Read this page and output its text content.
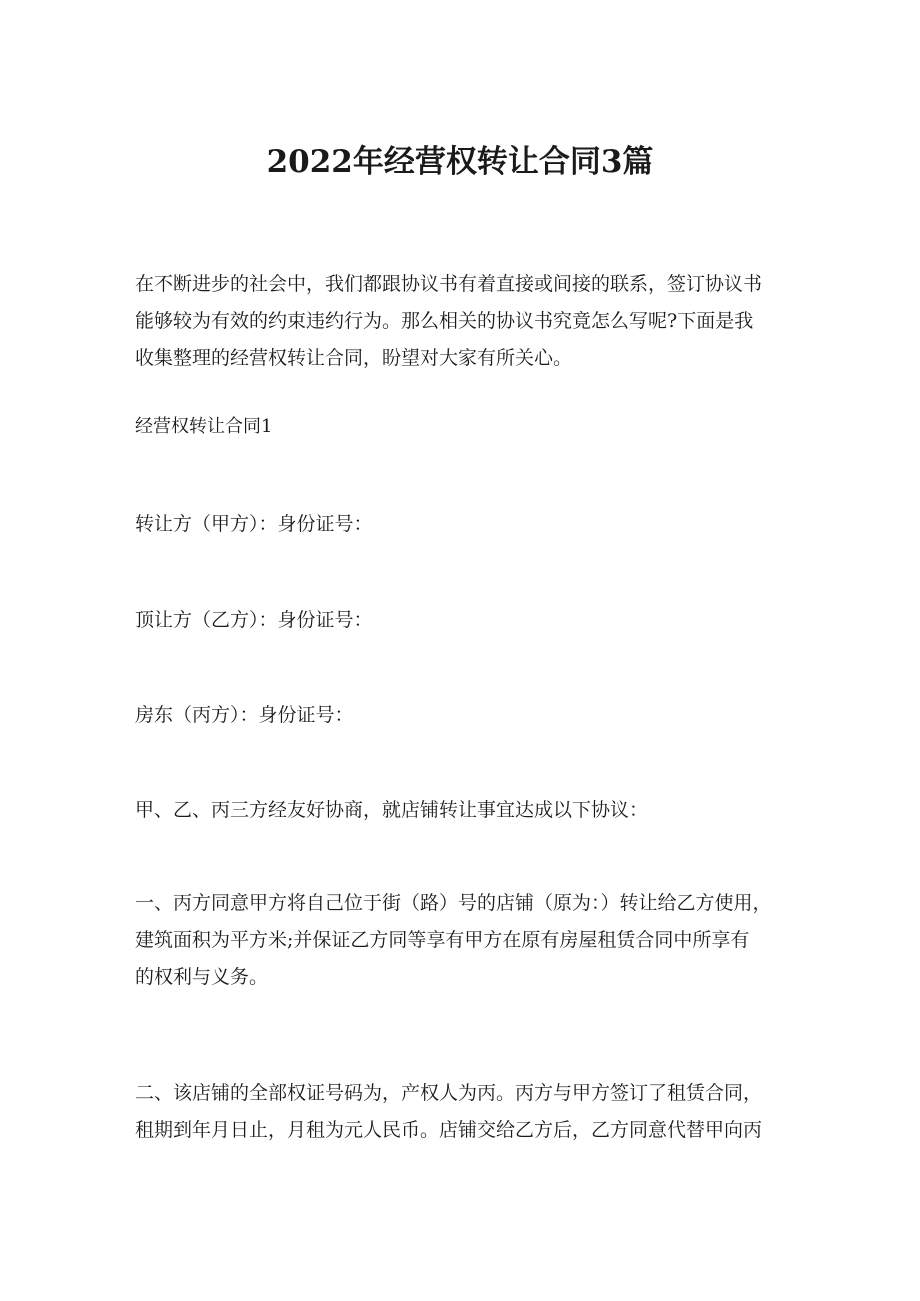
2022年经营权转让合同3篇
在不断进步的社会中，我们都跟协议书有着直接或间接的联系，签订协议书
能够较为有效的约束违约行为。那么相关的协议书究竟怎么写呢?下面是我
收集整理的经营权转让合同，盼望对大家有所关心。
经营权转让合同1
转让方（甲方）：身份证号：
顶让方（乙方）：身份证号：
房东（丙方）：身份证号：
甲、乙、丙三方经友好协商，就店铺转让事宜达成以下协议：
一、丙方同意甲方将自己位于街（路）号的店铺（原为：）转让给乙方使用，
建筑面积为平方米;并保证乙方同等享有甲方在原有房屋租赁合同中所享有
的权利与义务。
二、该店铺的全部权证号码为，产权人为丙。丙方与甲方签订了租赁合同，
租期到年月日止，月租为元人民币。店铺交给乙方后，乙方同意代替甲向丙
